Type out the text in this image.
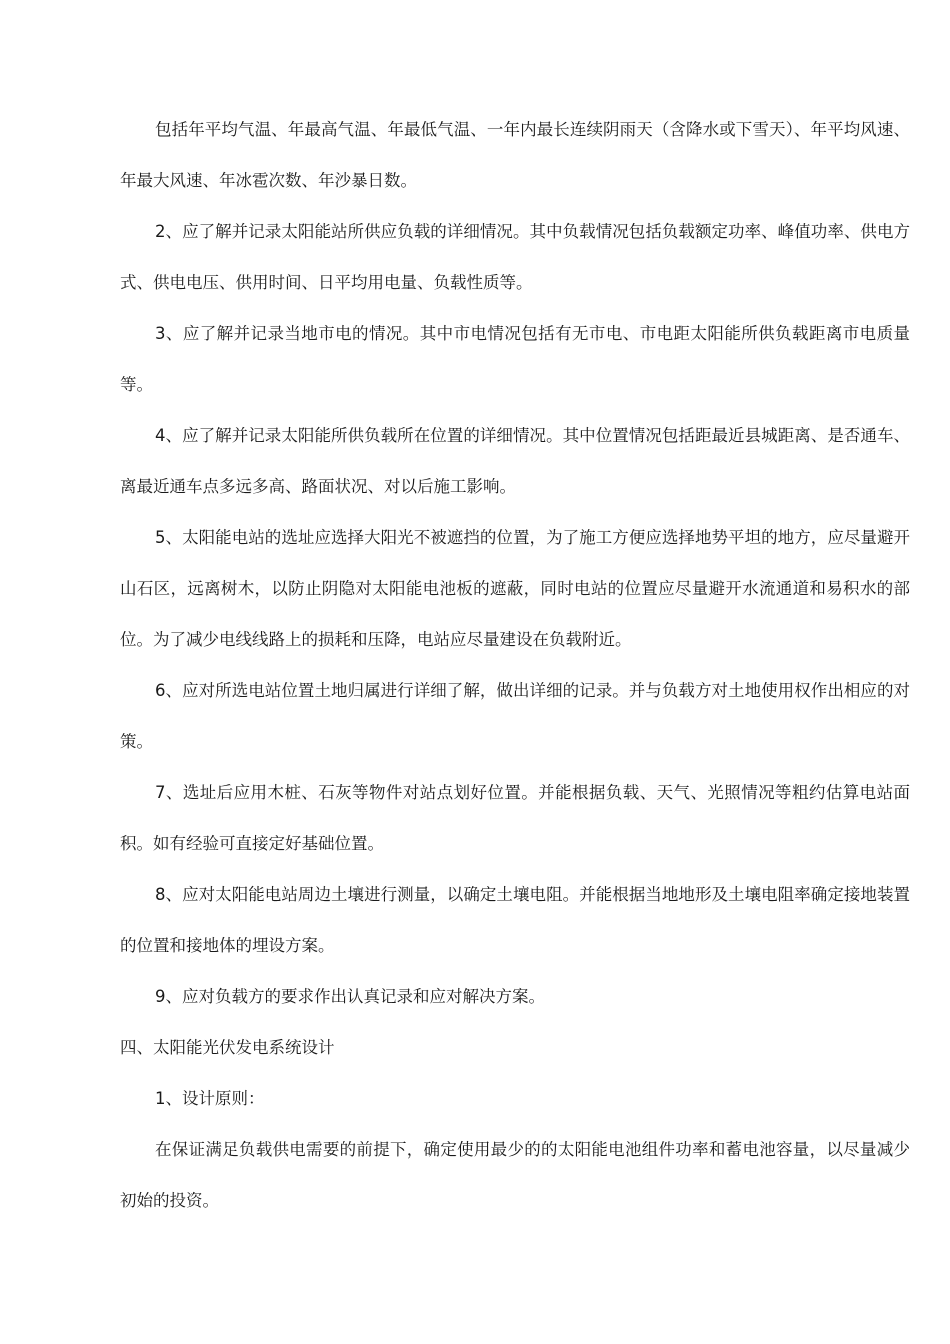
包括年平均气温、年最高气温、年最低气温、一年内最长连续阴雨天（含降水或下雪天）、年平均风速、年最大风速、年冰雹次数、年沙暴日数。

2、应了解并记录太阳能站所供应负载的详细情况。其中负载情况包括负载额定功率、峰值功率、供电方式、供电电压、供用时间、日平均用电量、负载性质等。

3、应了解并记录当地市电的情况。其中市电情况包括有无市电、市电距太阳能所供负载距离市电质量等。

4、应了解并记录太阳能所供负载所在位置的详细情况。其中位置情况包括距最近县城距离、是否通车、离最近通车点多远多高、路面状况、对以后施工影响。

5、太阳能电站的选址应选择大阳光不被遮挡的位置，为了施工方便应选择地势平坦的地方，应尽量避开山石区，远离树木，以防止阴隐对太阳能电池板的遮蔽，同时电站的位置应尽量避开水流通道和易积水的部位。为了减少电线线路上的损耗和压降，电站应尽量建设在负载附近。

6、应对所选电站位置土地归属进行详细了解，做出详细的记录。并与负载方对土地使用权作出相应的对策。

7、选址后应用木桩、石灰等物件对站点划好位置。并能根据负载、天气、光照情况等粗约估算电站面积。如有经验可直接定好基础位置。

8、应对太阳能电站周边土壤进行测量，以确定土壤电阻。并能根据当地地形及土壤电阻率确定接地装置的位置和接地体的埋设方案。

9、应对负载方的要求作出认真记录和应对解决方案。

四、太阳能光伏发电系统设计

1、设计原则：

在保证满足负载供电需要的前提下，确定使用最少的的太阳能电池组件功率和蓄电池容量，以尽量减少初始的投资。
